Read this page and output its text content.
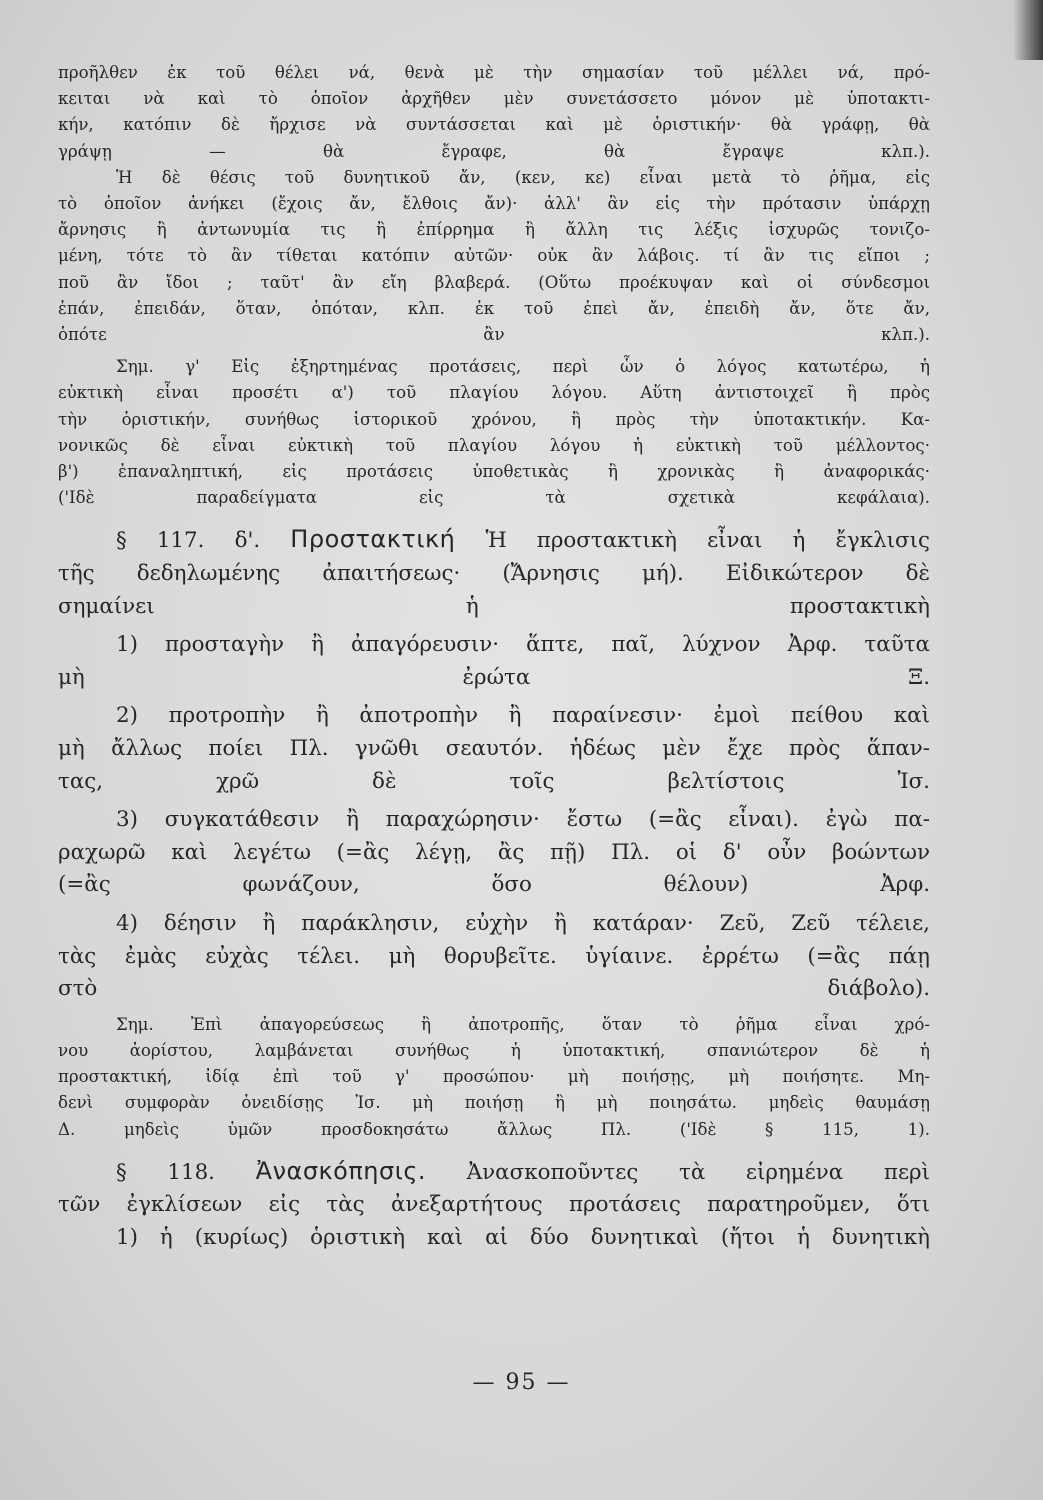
προῆλθεν ἐκ τοῦ θέλει νά, θενὰ μὲ τὴν σημασίαν τοῦ μέλλει νά, πρό-
κειται νὰ καὶ τὸ ὁποῖον ἀρχῆθεν μὲν συνετάσσετο μόνον μὲ ὑποτακτι-
κήν, κατόπιν δὲ ἤρχισε νὰ συντάσσεται καὶ μὲ ὁριστικήν· θὰ γράφῃ, θὰ
γράψῃ — θὰ ἔγραφε, θὰ ἔγραψε κλπ.).
Ἡ δὲ θέσις τοῦ δυνητικοῦ ἄν, (κεν, κε) εἶναι μετὰ τὸ ῥῆμα, εἰς
τὸ ὁποῖον ἀνήκει (ἔχοις ἄν, ἔλθοις ἄν)· ἀλλ' ἂν εἰς τὴν πρότασιν ὑπάρχῃ
ἄρνησις ἢ ἀντωνυμία τις ἢ ἐπίρρημα ἢ ἄλλη τις λέξις ἰσχυρῶς τονιζο-
μένη, τότε τὸ ἂν τίθεται κατόπιν αὐτῶν· οὐκ ἂν λάβοις. τί ἂν τις εἴποι ;
ποῦ ἂν ἴδοι ; ταῦτ' ἂν εἴη βλαβερά. (Οὕτω προέκυψαν καὶ οἱ σύνδεσμοι
ἐπάν, ἐπειδάν, ὅταν, ὁπόταν, κλπ. ἐκ τοῦ ἐπεὶ ἄν, ἐπειδὴ ἄν, ὅτε ἄν,
ὁπότε ἂν κλπ.).
Σημ. γ' Εἰς ἐξηρτημένας προτάσεις, περὶ ὧν ὁ λόγος κατωτέρω, ἡ
εὐκτικὴ εἶναι προσέτι α') τοῦ πλαγίου λόγου. Αὕτη ἀντιστοιχεῖ ἢ πρὸς
τὴν ὁριστικήν, συνήθως ἱστορικοῦ χρόνου, ἢ πρὸς τὴν ὑποτακτικήν. Κα-
νονικῶς δὲ εἶναι εὐκτικὴ τοῦ πλαγίου λόγου ἡ εὐκτικὴ τοῦ μέλλοντος·
β') ἐπαναληπτική, εἰς προτάσεις ὑποθετικὰς ἢ χρονικὰς ἢ ἀναφορικάς·
('Ιδὲ παραδείγματα εἰς τὰ σχετικὰ κεφάλαια).
§ 117. δ'. Προστακτική Ἡ προστακτικὴ εἶναι ἡ ἔγκλισις
τῆς δεδηλωμένης ἀπαιτήσεως· (Ἄρνησις μή). Εἰδικώτερον δὲ
σημαίνει ἡ προστακτικὴ
1) προσταγὴν ἢ ἀπαγόρευσιν· ἅπτε, παῖ, λύχνον Ἀρφ. ταῦτα
μὴ ἐρώτα Ξ.
2) προτροπὴν ἢ ἀποτροπὴν ἢ παραίνεσιν· ἐμοὶ πείθου καὶ
μὴ ἄλλως ποίει Πλ. γνῶθι σεαυτόν. ἡδέως μὲν ἔχε πρὸς ἅπαν-
τας, χρῶ δὲ τοῖς βελτίστοις Ἰσ.
3) συγκατάθεσιν ἢ παραχώρησιν· ἔστω (=ἂς εἶναι). ἐγὼ πα-
ραχωρῶ καὶ λεγέτω (=ἂς λέγῃ, ἂς πῇ) Πλ. οἱ δ' οὖν βοώντων
(=ἂς φωνάζουν, ὅσο θέλουν) Ἀρφ.
4) δέησιν ἢ παράκλησιν, εὐχὴν ἢ κατάραν· Ζεῦ, Ζεῦ τέλειε,
τὰς ἐμὰς εὐχὰς τέλει. μὴ θορυβεῖτε. ὑγίαινε. ἐρρέτω (=ἂς πάῃ
στὸ διάβολο).
Σημ. Ἐπὶ ἀπαγορεύσεως ἢ ἀποτροπῆς, ὅταν τὸ ῥῆμα εἶναι χρό-
νου ἀορίστου, λαμβάνεται συνήθως ἡ ὑποτακτική, σπανιώτερον δὲ ἡ
προστακτική, ἰδίᾳ ἐπὶ τοῦ γ' προσώπου· μὴ ποιήσῃς, μὴ ποιήσητε. Μη-
δενὶ συμφορὰν ὀνειδίσῃς Ἰσ. μὴ ποιήσῃ ἢ μὴ ποιησάτω. μηδεὶς θαυμάσῃ
Δ. μηδεὶς ὑμῶν προσδοκησάτω ἄλλως Πλ. ('Ιδὲ § 115, 1).
§ 118. Ἀνασκόπησις. Ἀνασκοποῦντες τὰ εἰρημένα περὶ
τῶν ἐγκλίσεων εἰς τὰς ἀνεξαρτήτους προτάσεις παρατηροῦμεν, ὅτι
1) ἡ (κυρίως) ὁριστικὴ καὶ αἱ δύο δυνητικαὶ (ἤτοι ἡ δυνητικὴ
— 95 —
